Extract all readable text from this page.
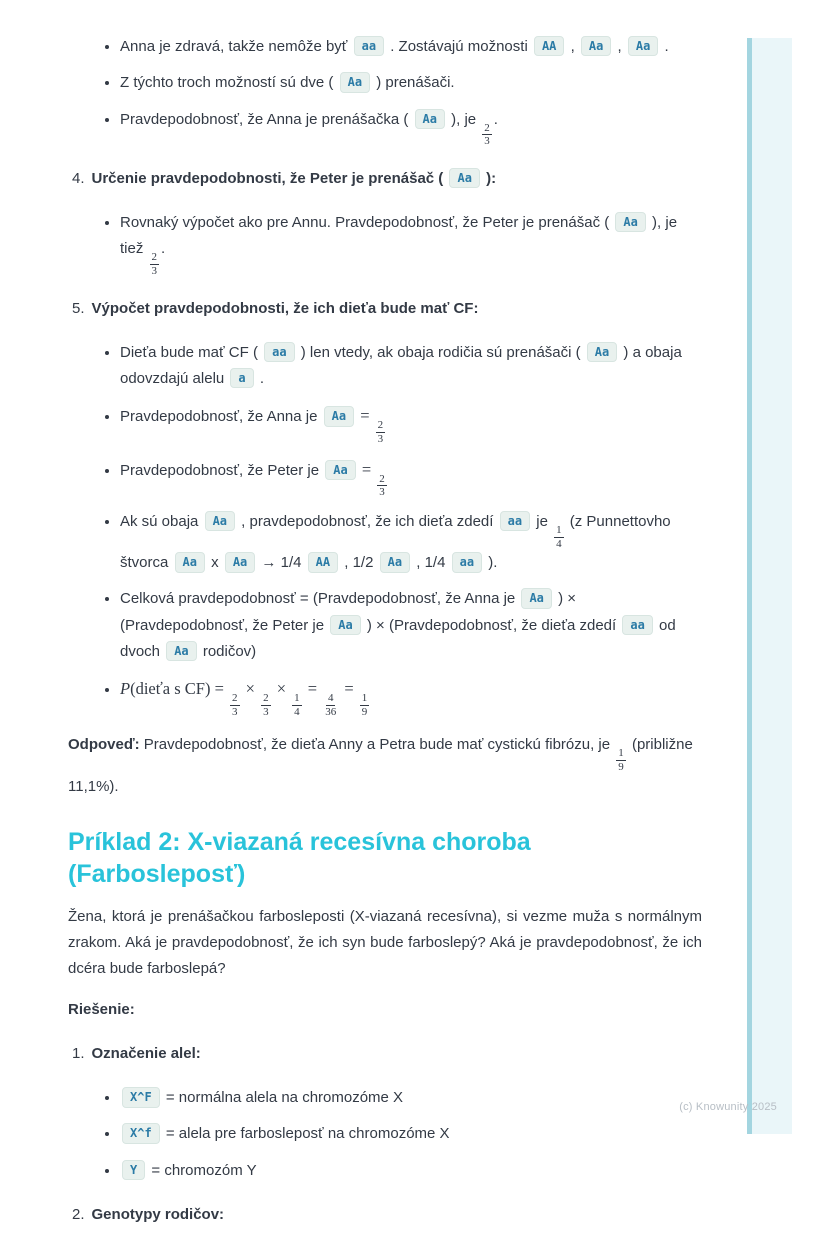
• Anna je zdravá, takže nemôže byť aa . Zostávajú možnosti AA , Aa , Aa .
• Z týchto troch možností sú dve ( Aa ) prenášači.
• Pravdepodobnosť, že Anna je prenášačka ( Aa ), je
$\frac{2}{3}$
.
4. Určenie pravdepodobnosti, že Peter je prenášač ( Aa ):
• Rovnaký výpočet ako pre Annu. Pravdepodobnosť, že Peter je prenášač ( Aa ), je tiež
$\frac{2}{3}$
.
5. Výpočet pravdepodobnosti, že ich dieťa bude mať CF:
• Dieťa bude mať CF ( aa ) len vtedy, ak obaja rodičia sú prenášači ( Aa ) a obaja odovzdajú alelu a .
• Pravdepodobnosť, že Anna je Aa =
$\frac{2}{3}$
• Pravdepodobnosť, že Peter je Aa =
$\frac{2}{3}$
• Ak sú obaja Aa , pravdepodobnosť, že ich dieťa zdedí aa je
$\frac{1}{4}$
(z Punnettovho štvorca Aa x Aa → 1/4 AA , 1/2 Aa , 1/4 aa ).
• Celková pravdepodobnosť = (Pravdepodobnosť, že Anna je Aa ) × (Pravdepodobnosť, že Peter je Aa ) × (Pravdepodobnosť, že dieťa zdedí aa od dvoch Aa rodičov)
• P(dieťa s CF) =
$\frac{2}{3}$
×
$\frac{2}{3}$
×
$\frac{1}{4}$
=
$\frac{4}{36}$
=
$\frac{1}{9}$

Odpoveď: Pravdepodobnosť, že dieťa Anny a Petra bude mať cystickú fibrózu, je
$\frac{1}{9}$
(približne 11,1%).

Príklad 2: X-viazaná recesívna choroba (Farbosleposť)

Žena, ktorá je prenášačkou farbosleposti (X-viazaná recesívna), si vezme muža s normálnym zrakom. Aká je pravdepodobnosť, že ich syn bude farboslepý? Aká je pravdepodobnosť, že ich dcéra bude farboslepá?

Riešenie:

1. Označenie alel:
• X^F = normálna alela na chromozóme X
• X^f = alela pre farbosleposť na chromozóme X
• Y = chromozóm Y
2. Genotypy rodičov:
(c) Knowunity 2025
